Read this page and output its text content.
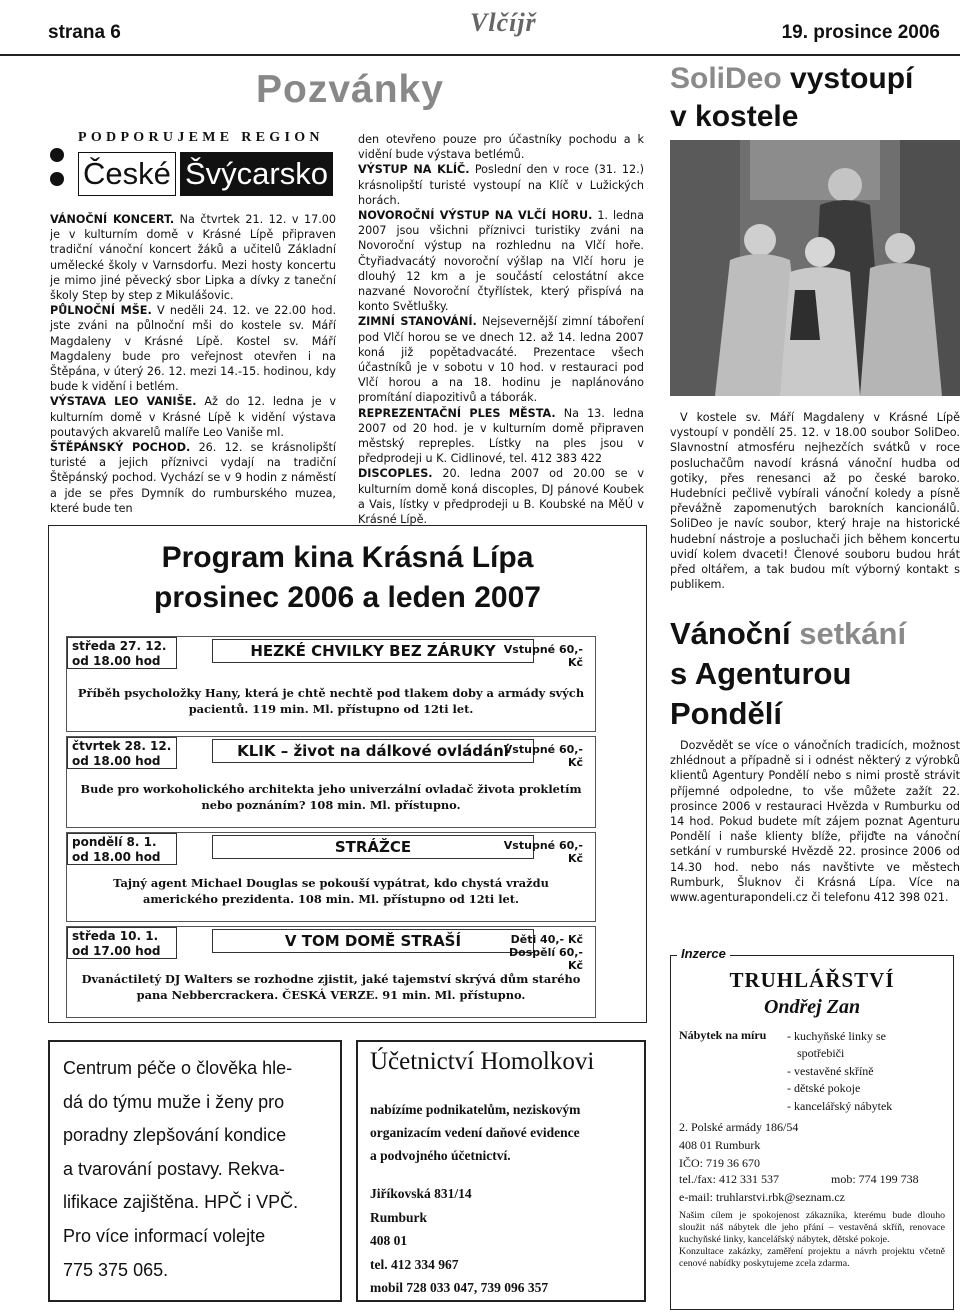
strana 6	Vlčíjř	19. prosince 2006
Pozvánky
PODPORUJEME REGION
České Švýcarsko

VÁNOČNÍ KONCERT. Na čtvrtek 21. 12. v 17.00 je v kulturním domě v Krásné Lípě připraven tradiční vánoční koncert žáků a učitelů Základní umělecké školy v Varnsdorfu. Mezi hosty koncertu je mimo jiné pěvecký sbor Lipka a dívky z taneční školy Step by step z Mikulášovic.

PŮLNOČNÍ MŠE. V neděli 24. 12. ve 22.00 hod. jste zváni na půlnoční mši do kostele sv. Máří Magdaleny v Krásné Lípě. Kostel sv. Máří Magdaleny bude pro veřejnost otevřen i na Štěpána, v úterý 26. 12. mezi 14.-15. hodinou, kdy bude k vidění i betlém.

VÝSTAVA LEO VANIŠE. Až do 12. ledna je v kulturním domě v Krásné Lípě k vidění výstava poutavých akvarelů malíře Leo Vaniše ml.

ŠTĚPÁNSKÝ POCHOD. 26. 12. se krásnolipští turisté a jejich příznivci vydají na tradiční Štěpánský pochod. Vychází se v 9 hodin z náměstí a jde se přes Dymník do rumburského muzea, které bude ten

den otevřeno pouze pro účastníky pochodu a k vidění bude výstava betlémů.

VÝSTUP NA KLÍČ. Poslední den v roce (31. 12.) krásnolipští turisté vystoupí na Klíč v Lužických horách.

NOVOROČNÍ VÝSTUP NA VLČÍ HORU. 1. ledna 2007 jsou všichni příznivci turistiky zváni na Novoroční výstup na rozhlednu na Vlčí hoře. Čtyřiadvacátý novoroční výšlap na Vlčí horu je dlouhý 12 km a je součástí celostátní akce nazvané Novoroční čtyřlístek, který přispívá na konto Světlušky.

ZIMNÍ STANOVÁNÍ. Nejsevernější zimní táboření pod Vlčí horou se ve dnech 12. až 14. ledna 2007 koná již popětadvacáté. Prezentace všech účastníků je v sobotu v 10 hod. v restauraci pod Vlčí horou a na 18. hodinu je naplánováno promítání diapozitivů a táborák.

REPREZENTAČNÍ PLES MĚSTA. Na 13. ledna 2007 od 20 hod. je v kulturním domě připraven městský repreples. Lístky na ples jsou v předprodeji u K. Cidlinové, tel. 412 383 422

DISCOPLES. 20. ledna 2007 od 20.00 se v kulturním domě koná discoples, DJ pánové Koubek a Vais, lístky v předprodeji u B. Koubské na MěÚ v Krásné Lípě.

SoliDeo vystoupí
v kostele
V kostele sv. Máří Magdaleny v Krásné Lípě vystoupí v pondělí 25. 12. v 18.00 soubor SoliDeo. Slavnostní atmosféru nejhezčích svátků v roce posluchačům navodí krásná vánoční hudba od gotiky, přes renesanci až po české baroko. Hudebníci pečlivě vybírali vánoční koledy a písně převážně zapomenutých barokních kancionálů. SoliDeo je navíc soubor, který hraje na historické hudební nástroje a posluchači jich během koncertu uvidí kolem dvaceti! Členové souboru budou hrát před oltářem, a tak budou mít výborný kontakt s publikem.
Vánoční setkání
s Agenturou
Pondělí
Dozvědět se více o vánočních tradicích, možnost zhlédnout a případně si i odnést některý z výrobků klientů Agentury Pondělí nebo s nimi prostě strávit příjemné odpoledne, to vše můžete zažít 22. prosince 2006 v restauraci Hvězda v Rumburku od 14 hod. Pokud budete mít zájem poznat Agenturu Pondělí i naše klienty blíže, přijďte na vánoční setkání v rumburské Hvězdě 22. prosince 2006 od 14.30 hod. nebo nás navštivte ve městech Rumburk, Šluknov či Krásná Lípa. Více na www.agenturapondeli.cz či telefonu 412 398 021.
Program kina Krásná Lípa
prosinec 2006 a leden 2007
středa 27. 12. od 18.00 hod
HEZKÉ CHVILKY BEZ ZÁRUKY Vstupné 60,- Kč
Příběh psycholožky Hany, která je chtě nechtě pod tlakem doby a armády svých pacientů. 119 min. Ml. přístupno od 12ti let.
čtvrtek 28. 12. od 18.00 hod
KLIK – život na dálkové ovládání
Vstupné 60,- Kč
Bude pro workoholického architekta jeho univerzální ovladač života prokletím nebo poznáním? 108 min. Ml. přístupno.
pondělí 8. 1. od 18.00 hod
STRÁŽCE	Vstupné 60,- Kč
Tajný agent Michael Douglas se pokouší vypátrat, kdo chystá vraždu amerického prezidenta. 108 min. Ml. přístupno od 12ti let.
středa 10. 1. od 17.00 hod
V TOM DOMĚ STRAŠÍ	Děti 40,- Kč Dospělí 60,- Kč
Dvanáctiletý DJ Walters se rozhodne zjistit, jaké tajemství skrývá dům starého pana Nebbercrackera. ČESKÁ VERZE. 91 min. Ml. přístupno.
Centrum péče o člověka hle-
dá do týmu muže i ženy pro
poradny zlepšování kondice
a tvarování postavy. Rekva-
lifikace zajištěna. HPČ i VPČ.
Pro více informací volejte
775 375 065.
Účetnictví Homolkovi
nabízíme podnikatelům, neziskovým
organizacím vedení daňové evidence
a podvojného účetnictví.
Jiříkovská 831/14
Rumburk
408 01
tel. 412 334 967
mobil 728 033 047, 739 096 357
Inzerce
TRUHLÁŘSTVÍ
Ondřej Zan
Nábytek na míru - kuchyňské linky se
spotřebiči
- vestavěné skříně
- dětské pokoje
- kancelářský nábytek
2. Polské armády 186/54
408 01 Rumburk
IČO: 719 36 670
tel./fax: 412 331 537	mob: 774 199 738
e-mail: truhlarstvi.rbk@seznam.cz
Našim cílem je spokojenost zákazníka, kterému bude dlouho sloužit náš nábytek dle jeho přání – vestavěná skříň, renovace kuchyňské linky, kancelářský nábytek, dětské pokoje.
Konzultace zakázky, zaměření projektu a návrh projektu včetně cenové nabídky poskytujeme zcela zdarma.
